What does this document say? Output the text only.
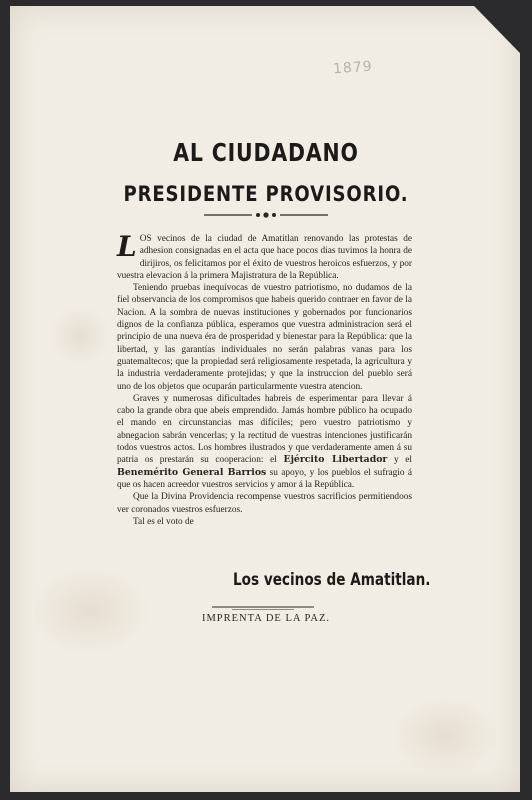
1879
AL CIUDADANO
PRESIDENTE PROVISORIO.

LOS vecinos de la ciudad de Amatitlan renovando las protestas de adhesion consignadas en el acta que hace pocos dias tuvimos la honra de dirijiros, os felicitamos por el éxito de vuestros heroicos esfuerzos, y por vuestra elevacion á la primera Majistratura de la República.

Teniendo pruebas inequívocas de vuestro patriotismo, no dudamos de la fiel observancia de los compromisos que habeis querido contraer en favor de la Nacion. A la sombra de nuevas instituciones y gobernados por funcionarios dignos de la confianza pública, esperamos que vuestra administracion será el principio de una nueva éra de prosperidad y bienestar para la República: que la libertad, y las garantías individuales no serán palabras vanas para los guatemaltecos; que la propiedad será religiosamente respetada, la agricultura y la industria verdaderamente protejidas; y que la instruccion del pueblo será uno de los objetos que ocuparán particularmente vuestra atencion.

Graves y numerosas dificultades habreis de esperimentar para llevar á cabo la grande obra que abeis emprendido. Jamás hombre público ha ocupado el mando en circunstancias mas difíciles; pero vuestro patriotismo y abnegacion sabrán vencerlas; y la rectitud de vuestras intenciones justificarán todos vuestros actos. Los hombres ilustrados y que verdaderamente amen á su patria os prestarán su cooperacion: el Ejército Libertador y el Benemérito General Barrios su apoyo, y los pueblos el sufragio á que os hacen acreedor vuestros servicios y amor á la República.

Que la Divina Providencia recompense vuestros sacrificios permitiendoos ver coronados vuestros esfuerzos.

Tal es el voto de

Los vecinos de Amatitlan.
IMPRENTA DE LA PAZ.
